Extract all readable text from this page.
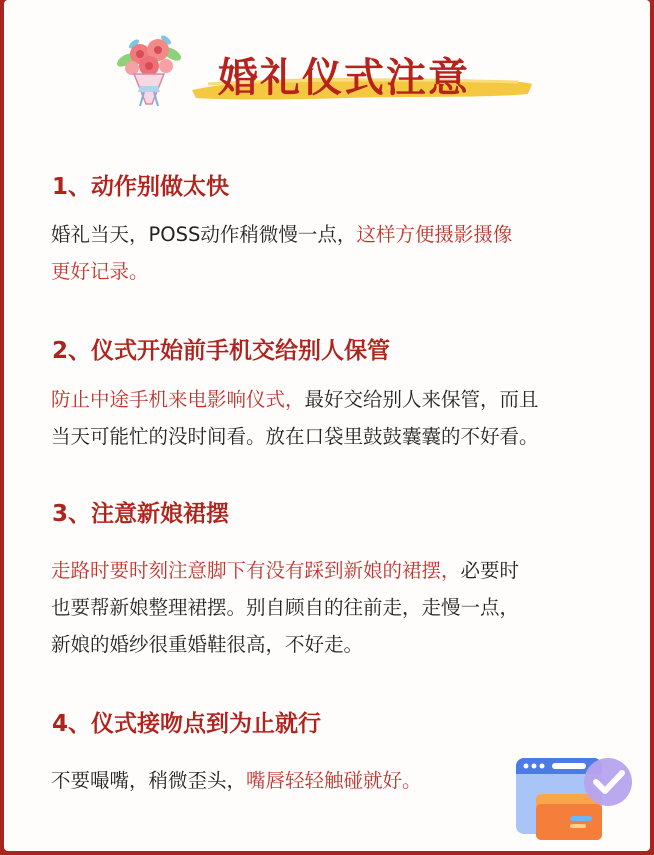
婚礼仪式注意
1、动作别做太快
婚礼当天，POSS动作稍微慢一点，这样方便摄影摄像
更好记录。
2、仪式开始前手机交给别人保管
防止中途手机来电影响仪式，最好交给别人来保管，而且
当天可能忙的没时间看。放在口袋里鼓鼓囊囊的不好看。
3、注意新娘裙摆
走路时要时刻注意脚下有没有踩到新娘的裙摆，必要时
也要帮新娘整理裙摆。别自顾自的往前走，走慢一点，
新娘的婚纱很重婚鞋很高，不好走。
4、仪式接吻点到为止就行
不要嘬嘴，稍微歪头，嘴唇轻轻触碰就好。
